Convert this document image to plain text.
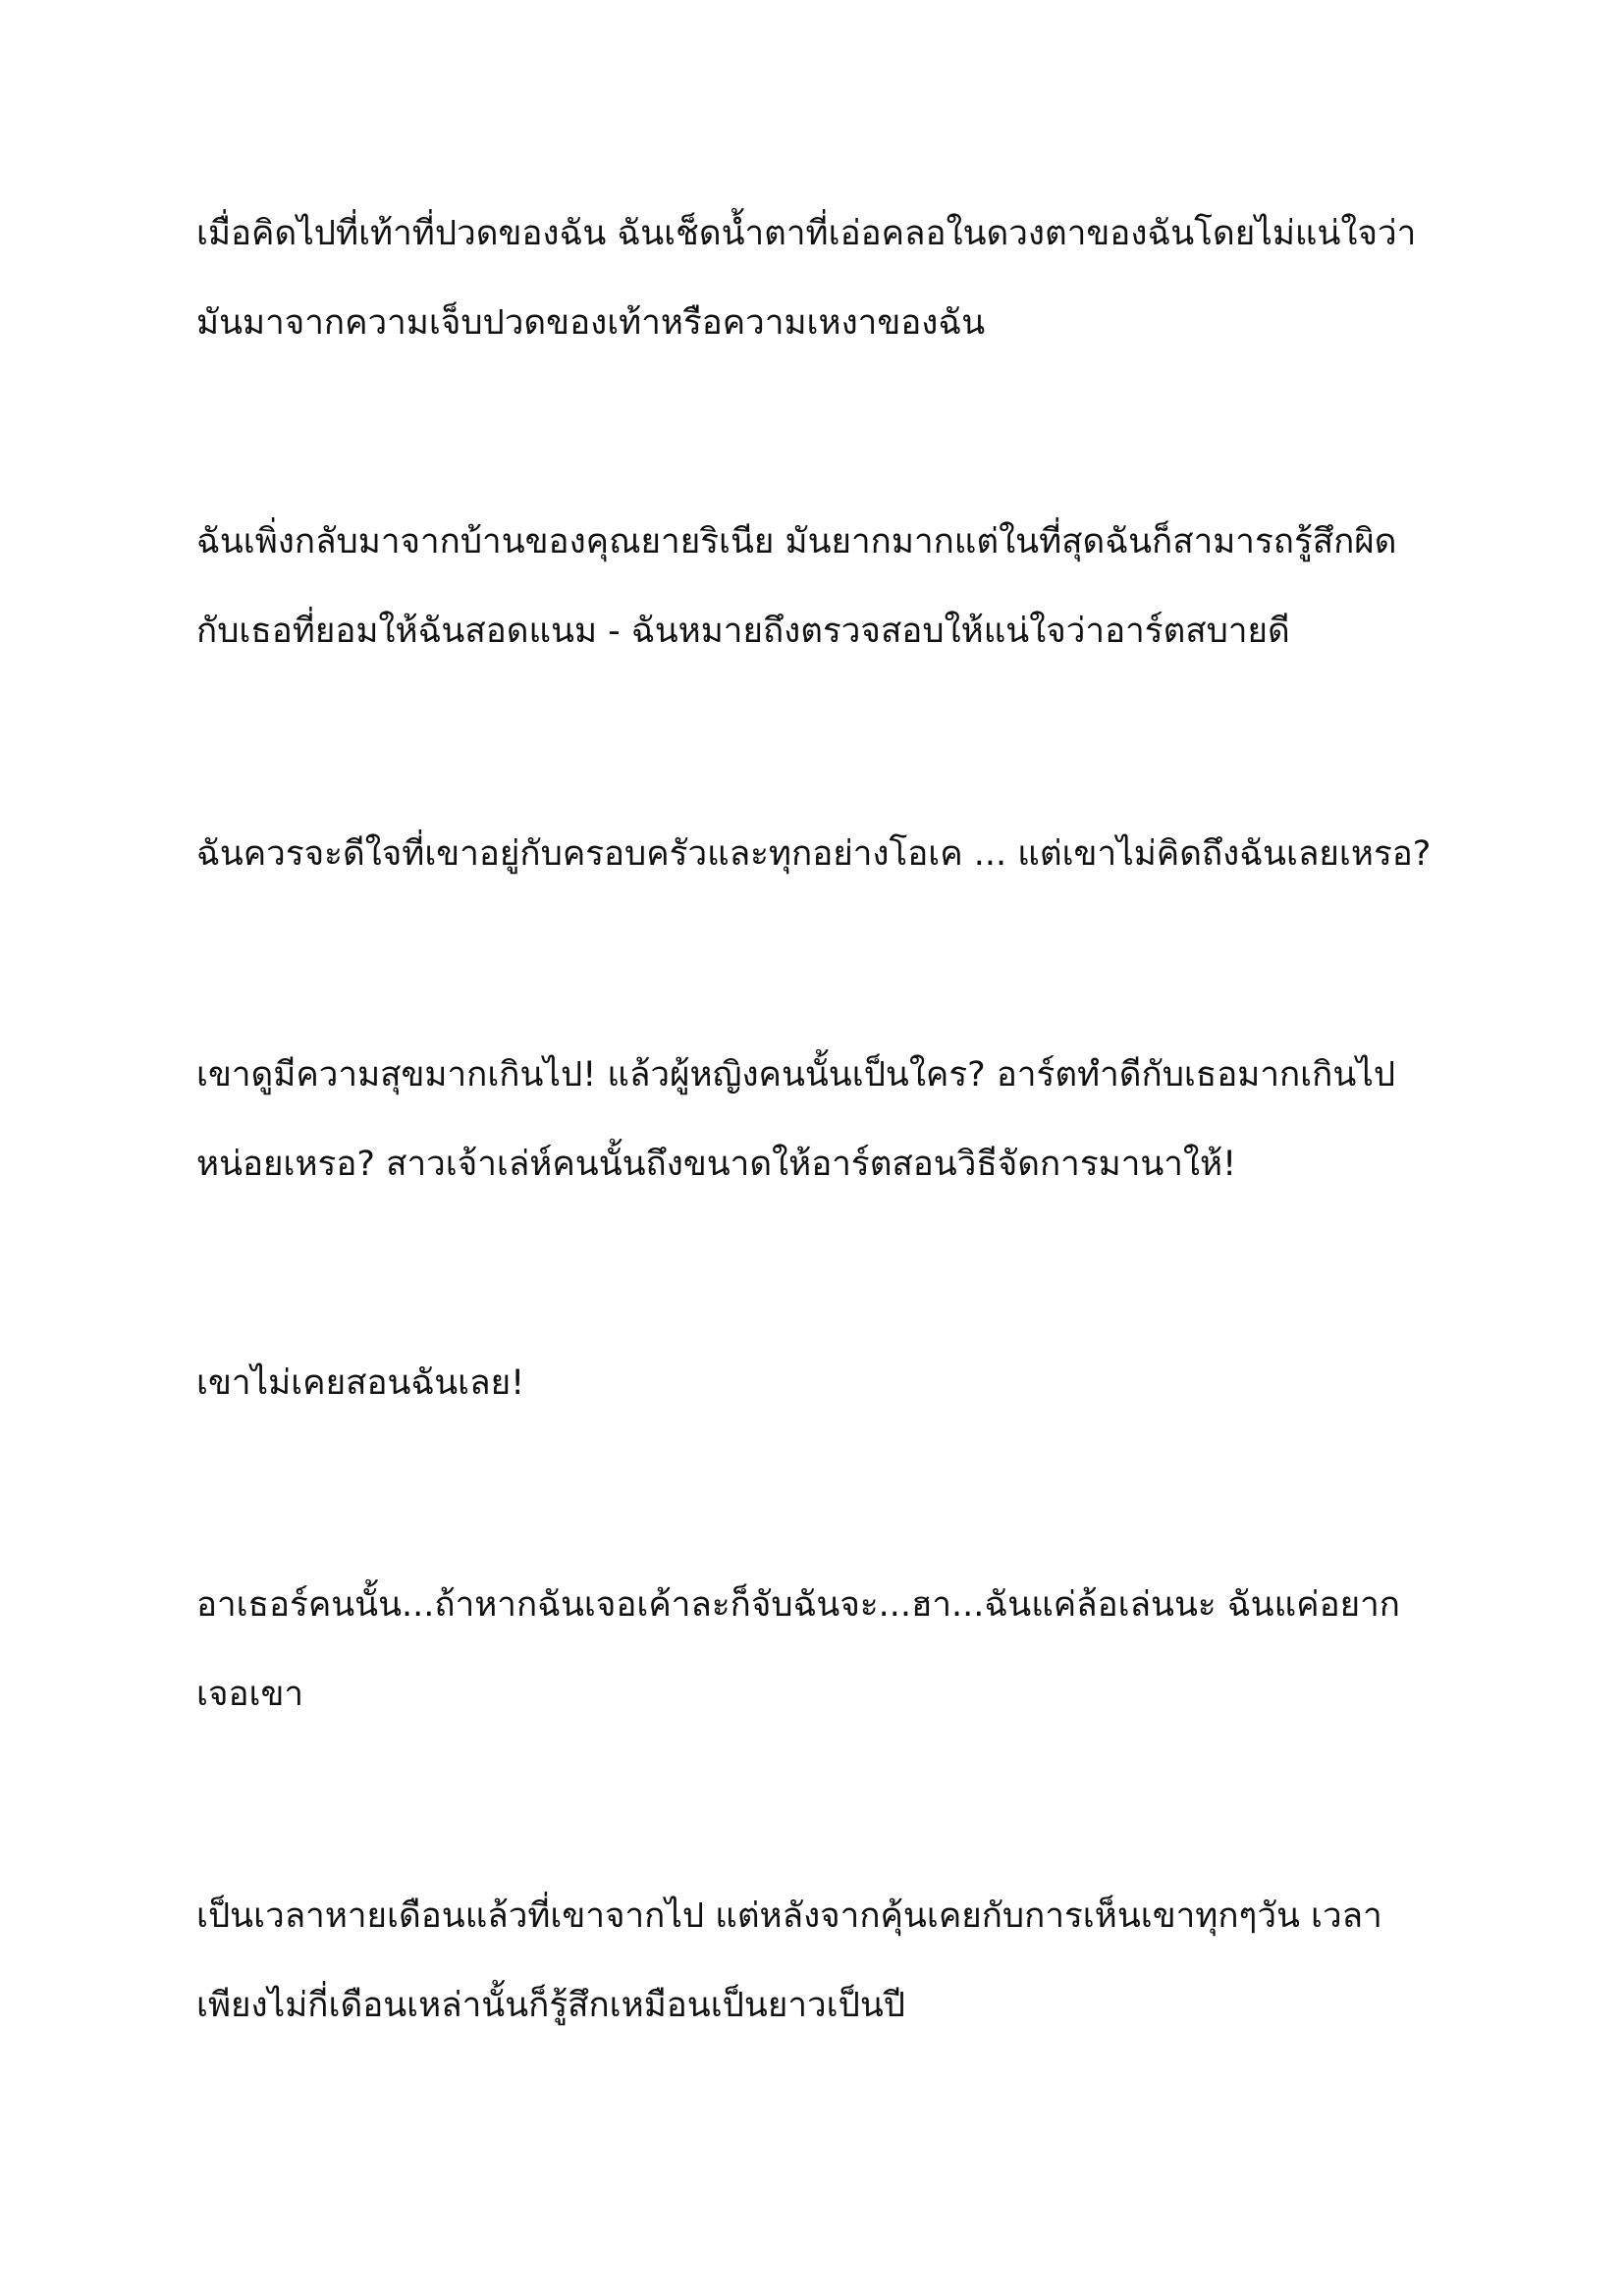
เมื่อคิดไปที่เท้าที่ปวดของฉัน ฉันเช็ดน้ำตาที่เอ่อคลอในดวงตาของฉันโดยไม่แน่ใจว่า
มันมาจากความเจ็บปวดของเท้าหรือความเหงาของฉัน

ฉันเพิ่งกลับมาจากบ้านของคุณยายริเนีย มันยากมากแต่ในที่สุดฉันก็สามารถรู้สึกผิด
กับเธอที่ยอมให้ฉันสอดแนม - ฉันหมายถึงตรวจสอบให้แน่ใจว่าอาร์ตสบายดี

ฉันควรจะดีใจที่เขาอยู่กับครอบครัวและทุกอย่างโอเค ... แต่เขาไม่คิดถึงฉันเลยเหรอ?

เขาดูมีความสุขมากเกินไป! แล้วผู้หญิงคนนั้นเป็นใคร? อาร์ตทำดีกับเธอมากเกินไป
หน่อยเหรอ? สาวเจ้าเล่ห์คนนั้นถึงขนาดให้อาร์ตสอนวิธีจัดการมานาให้!

เขาไม่เคยสอนฉันเลย!

อาเธอร์คนนั้น...ถ้าหากฉันเจอเค้าละก็จับฉันจะ...ฮา...ฉันแค่ล้อเล่นนะ ฉันแค่อยาก
เจอเขา

เป็นเวลาหายเดือนแล้วที่เขาจากไป แต่หลังจากคุ้นเคยกับการเห็นเขาทุกๆวัน เวลา
เพียงไม่กี่เดือนเหล่านั้นก็รู้สึกเหมือนเป็นยาวเป็นปี
